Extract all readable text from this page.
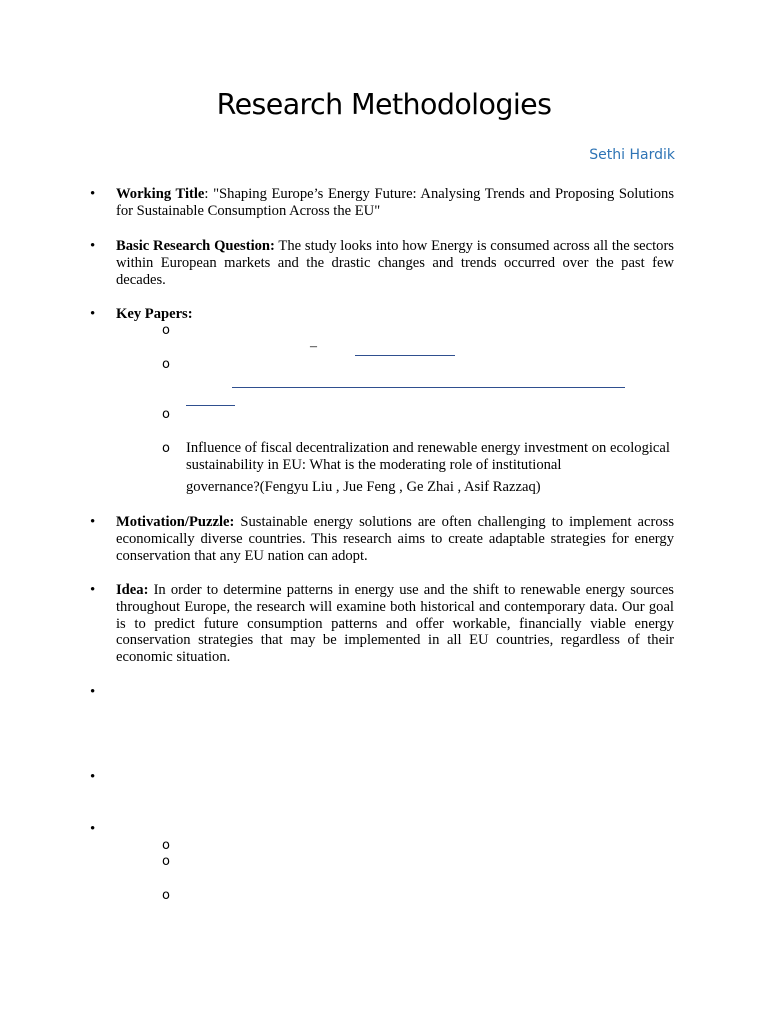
Research Methodologies
Sethi Hardik
• Working Title: "Shaping Europe’s Energy Future: Analysing Trends and Proposing Solutions for Sustainable Consumption Across the EU"
• Basic Research Question: The study looks into how Energy is consumed across all the sectors within European markets and the drastic changes and trends occurred over the past few decades.
• Key Papers:
o
–
o
o
o Influence of fiscal decentralization and renewable energy investment on ecological sustainability in EU: What is the moderating role of institutional
governance?(Fengyu Liu , Jue Feng , Ge Zhai , Asif Razzaq)
• Motivation/Puzzle: Sustainable energy solutions are often challenging to implement across economically diverse countries. This research aims to create adaptable strategies for energy conservation that any EU nation can adopt.
• Idea: In order to determine patterns in energy use and the shift to renewable energy sources throughout Europe, the research will examine both historical and contemporary data. Our goal is to predict future consumption patterns and offer workable, financially viable energy conservation strategies that may be implemented in all EU countries, regardless of their economic situation.
•
•
•
o
o
o
